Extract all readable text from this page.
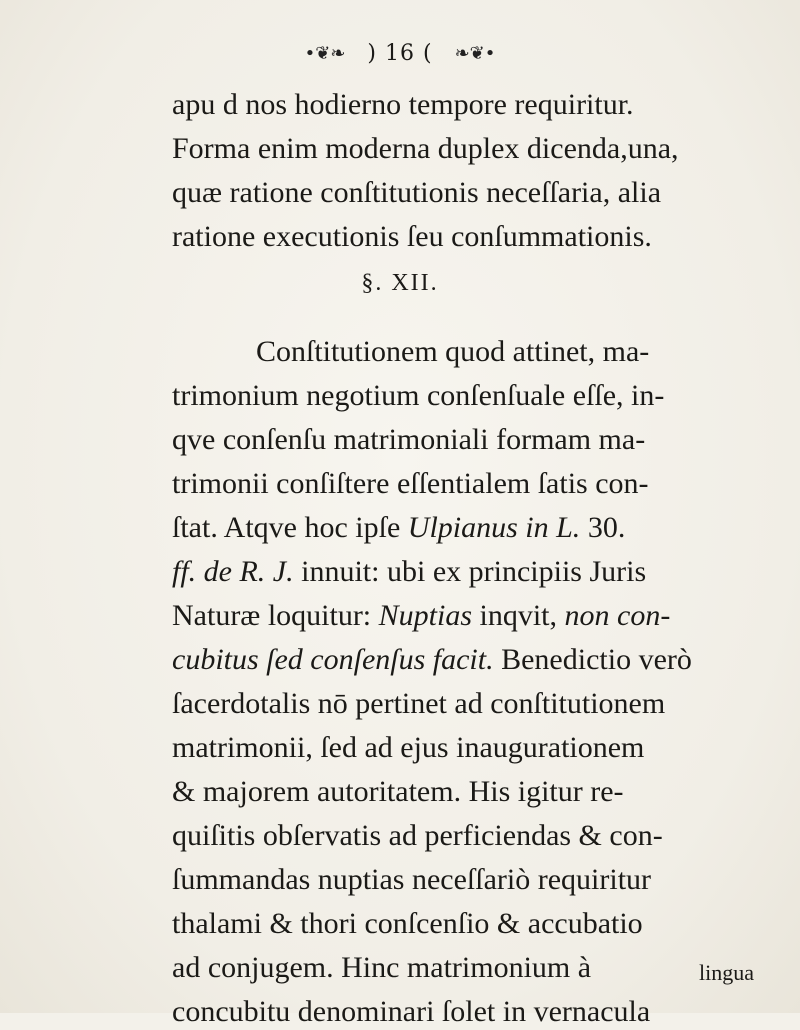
•❦❧ ) 16 ( ❧❦•
apu d nos hodierno tempore requiritur.
Forma enim moderna duplex dicenda,una,
quæ ratione conſtitutionis neceſſaria, alia
ratione executionis ſeu conſummationis.
§. XII.
Conſtitutionem quod attinet, ma-
trimonium negotium conſenſuale eſſe, in-
qve conſenſu matrimoniali formam ma-
trimonii conſiſtere eſſentialem ſatis con-
ſtat. Atqve hoc ipſe Ulpianus in L. 30.
ff. de R. J. innuit: ubi ex principiis Juris
Naturæ loquitur: Nuptias inqvit, non con-
cubitus ſed conſenſus facit. Benedictio verò
ſacerdotalis nō pertinet ad conſtitutionem
matrimonii, ſed ad ejus inaugurationem
& majorem autoritatem. His igitur re-
quiſitis obſervatis ad perficiendas & con-
ſummandas nuptias neceſſariò requiritur
thalami & thori conſcenſio & accubatio
ad conjugem. Hinc matrimonium à
concubitu denominari ſolet in vernacula
lingua
